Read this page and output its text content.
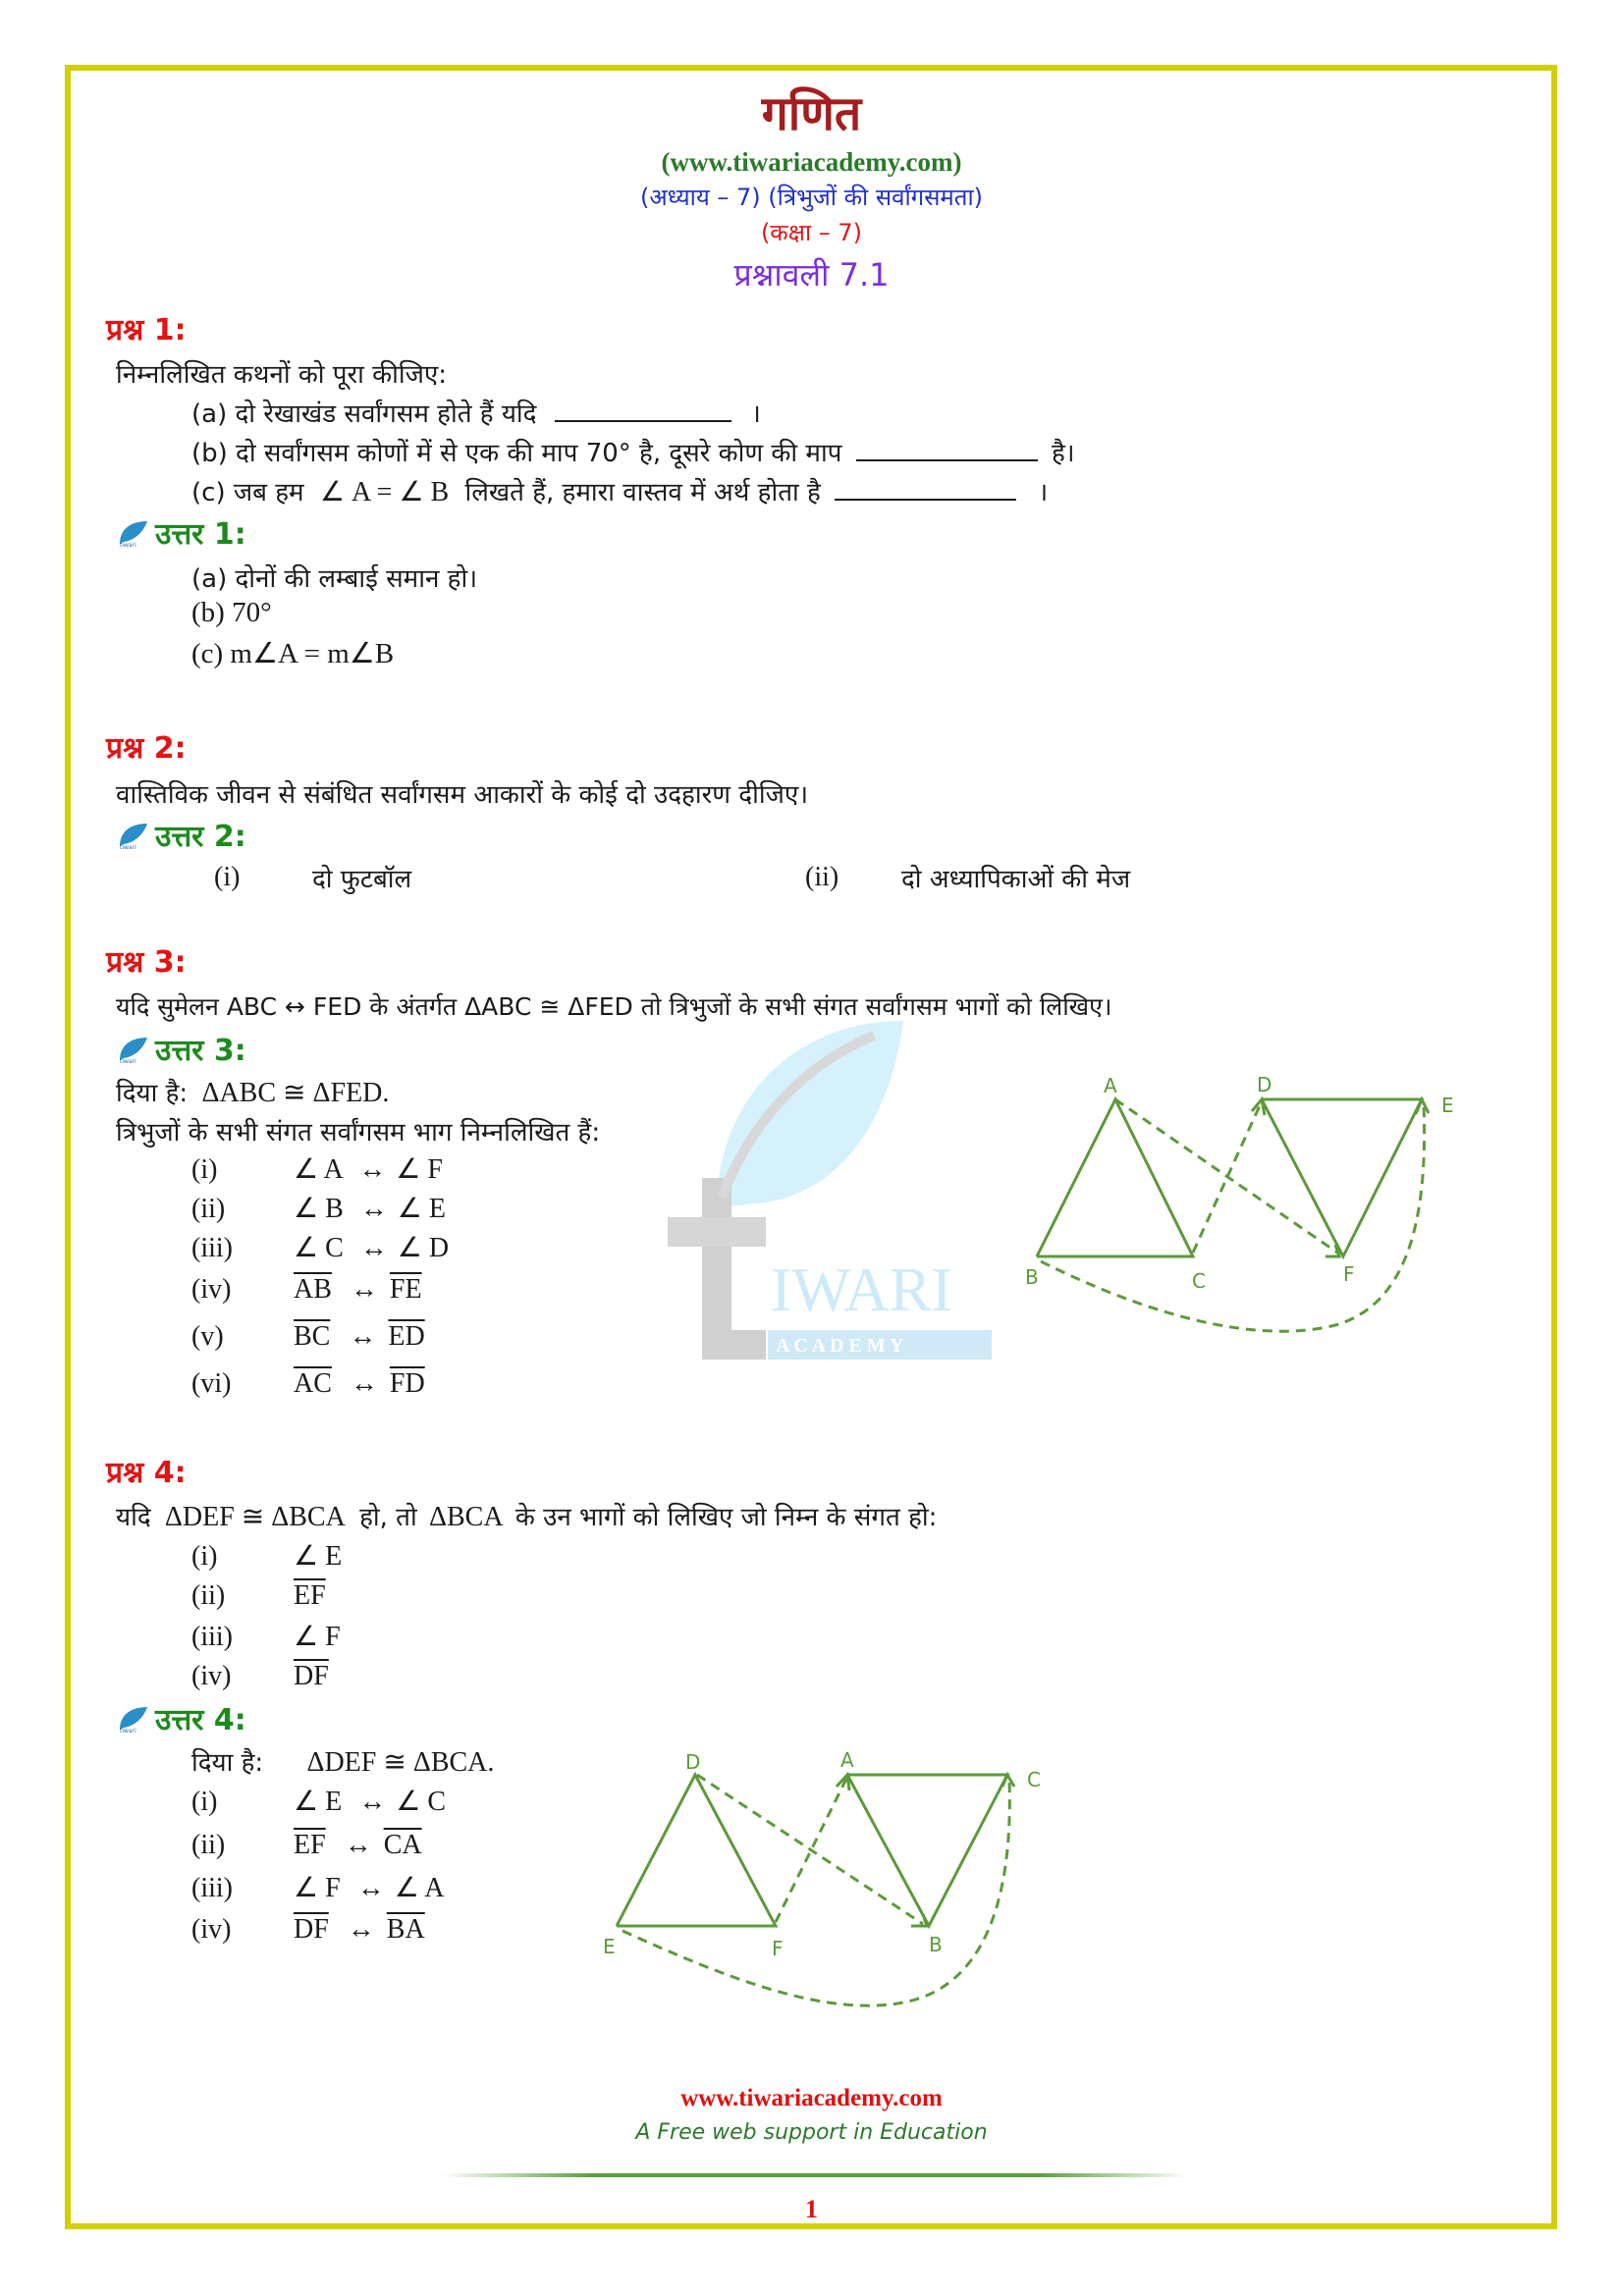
IWARI
A C A D E M Y
गणित
(www.tiwariacademy.com)
(अध्याय – 7) (त्रिभुजों की सर्वांगसमता)
(कक्षा – 7)
प्रश्नावली 7.1
प्रश्न 1:
निम्नलिखित कथनों को पूरा कीजिए:
(a) दो रेखाखंड सर्वांगसम होते हैं यदि	।
(b) दो सर्वांगसम कोणों में से एक की माप 70° है, दूसरे कोण की माप	है।
(c) जब हम ∠ A = ∠ B लिखते हैं, हमारा वास्तव में अर्थ होता है	।
tiwari उत्तर 1:
(a) दोनों की लम्बाई समान हो।
(b) 70°
(c) m∠A = m∠B
प्रश्न 2:
वास्तिविक जीवन से संबंधित सर्वांगसम आकारों के कोई दो उदहारण दीजिए।
tiwari उत्तर 2:
(i)	दो फुटबॉल	(ii) दो अध्यापिकाओं की मेज
प्रश्न 3:
यदि सुमेलन ABC ↔ FED के अंतर्गत ΔABC ≅ ΔFED तो त्रिभुजों के सभी संगत सर्वांगसम भागों को लिखिए।
tiwari उत्तर 3:
दिया है: ΔABC ≅ ΔFED.
त्रिभुजों के सभी संगत सर्वांगसम भाग निम्नलिखित हैं:
(i)	∠ A ↔ ∠ F
(ii) ∠ B ↔ ∠ E
(iii) ∠ C ↔ ∠ D
(iv) $\overline{AB}$ ↔ $\overline{FE}$
(v)	$\overline{BC}$ ↔ $\overline{ED}$
(vi) $\overline{AC}$ ↔ $\overline{FD}$
A
B	C
D
E
F
प्रश्न 4:
यदि ΔDEF ≅ ΔBCA हो, तो ΔBCA के उन भागों को लिखिए जो निम्न के संगत हो:
(i)	∠ E
(ii) $\overline{EF}$
(iii) ∠ F
(iv) $\overline{DF}$
tiwari उत्तर 4:
दिया है: ΔDEF ≅ ΔBCA.
(i)	∠ E ↔ ∠ C
(ii) $\overline{EF}$ ↔ $\overline{CA}$
(iii) ∠ F ↔ ∠ A
(iv) $\overline{DF}$ ↔ $\overline{BA}$
D
E	F
A
C
B
www.tiwariacademy.com
A Free web support in Education
1
